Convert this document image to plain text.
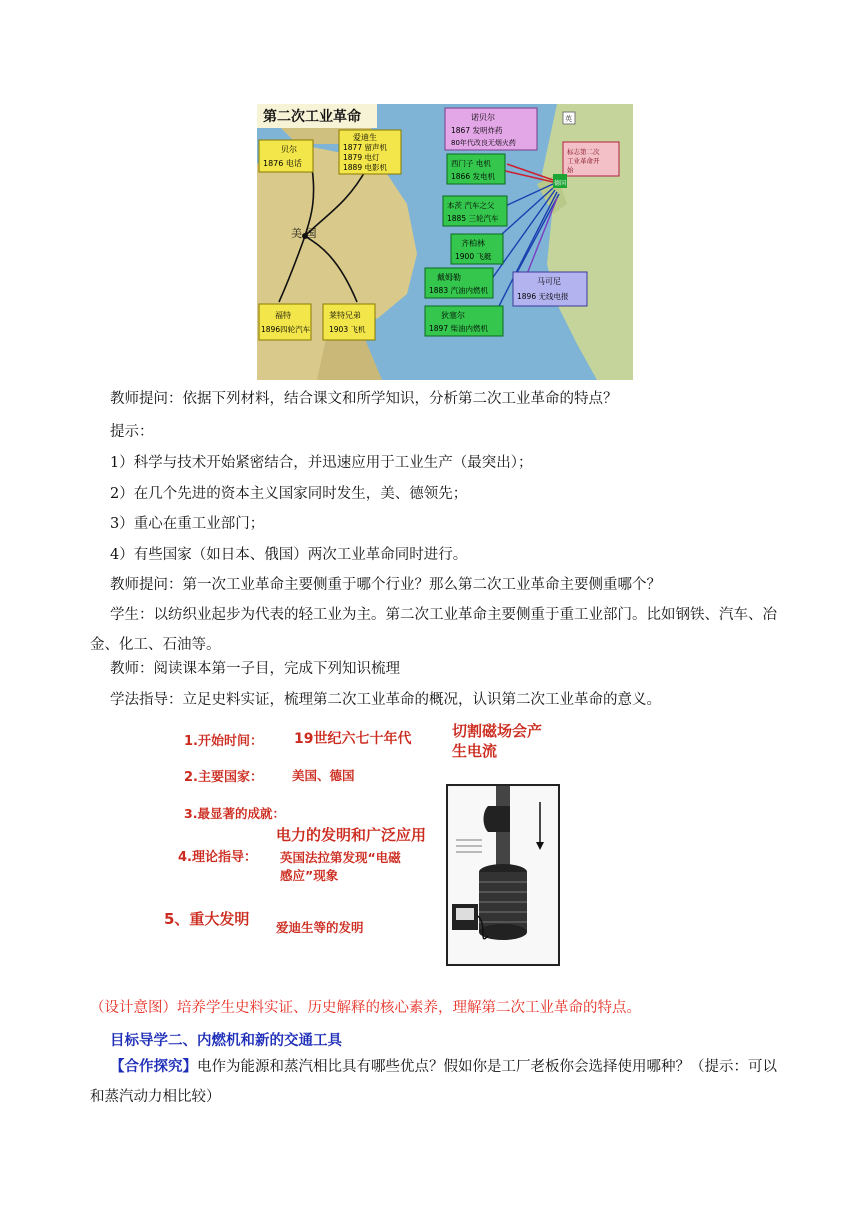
第二次工业革命
美 国
贝尔
1876 电话
爱迪生
1877 留声机
1879 电灯
1889 电影机
福特
1896四轮汽车
莱特兄弟
1903 飞机
诺贝尔
1867 发明炸药
80年代改良无烟火药
西门子 电机
1866 发电机
本茨 汽车之父
1885 三轮汽车
齐柏林
1900 飞艇
戴姆勒
1883 汽油内燃机
狄塞尔
1897 柴油内燃机
马可尼
1896 无线电报
标志第二次
工业革命开
始
德国
英
教师提问：依据下列材料，结合课文和所学知识，分析第二次工业革命的特点？
提示：
1）科学与技术开始紧密结合，并迅速应用于工业生产（最突出）；
2）在几个先进的资本主义国家同时发生，美、德领先；
3）重心在重工业部门；
4）有些国家（如日本、俄国）两次工业革命同时进行。
教师提问：第一次工业革命主要侧重于哪个行业？那么第二次工业革命主要侧重哪个？
学生：以纺织业起步为代表的轻工业为主。第二次工业革命主要侧重于重工业部门。比如钢铁、汽车、冶金、化工、石油等。
教师：阅读课本第一子目，完成下列知识梳理
学法指导：立足史料实证，梳理第二次工业革命的概况，认识第二次工业革命的意义。
1.开始时间： 19世纪六七十年代
2.主要国家： 美国、德国
3.最显著的成就：
电力的发明和广泛应用
4.理论指导： 英国法拉第发现“电磁
感应”现象
5、重大发明 爱迪生等的发明
切割磁场会产
生电流
（设计意图）培养学生史料实证、历史解释的核心素养，理解第二次工业革命的特点。
目标导学二、内燃机和新的交通工具
【合作探究】电作为能源和蒸汽相比具有哪些优点？假如你是工厂老板你会选择使用哪种？（提示：可以和蒸汽动力相比较）
